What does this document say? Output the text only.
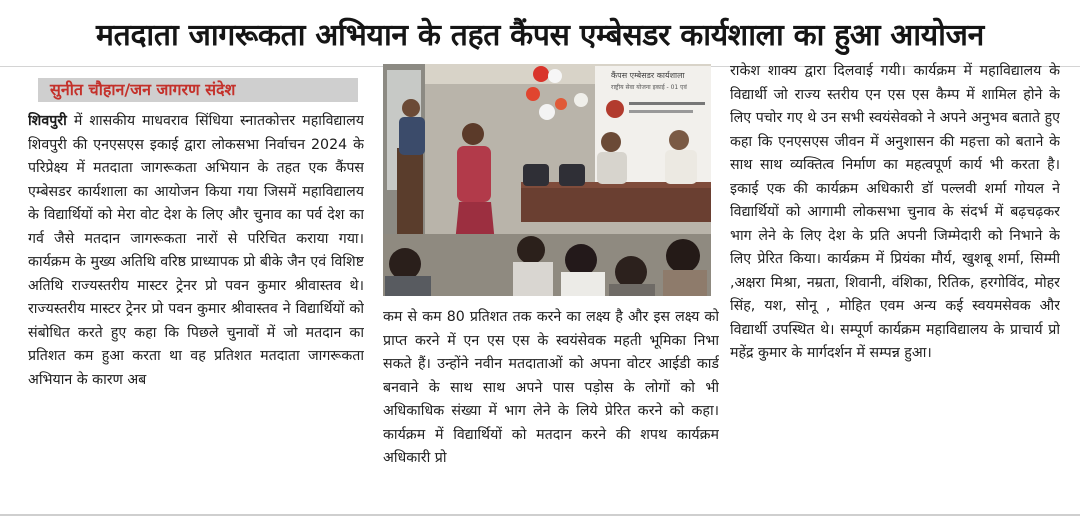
मतदाता जागरूकता अभियान के तहत कैंपस एम्बेसडर कार्यशाला का हुआ आयोजन
सुनीत चौहान/जन जागरण संदेश
शिवपुरी में शासकीय माधवराव सिंधिया स्नातकोत्तर महाविद्यालय शिवपुरी की एनएसएस इकाई द्वारा लोकसभा निर्वाचन 2024 के परिप्रेक्ष्य में मतदाता जागरूकता अभियान के तहत एक कैंपस एम्बेसडर कार्यशाला का आयोजन किया गया जिसमें महाविद्यालय के विद्यार्थियों को मेरा वोट देश के लिए और चुनाव का पर्व देश का गर्व जैसे मतदान जागरूकता नारों से परिचित कराया गया। कार्यक्रम के मुख्य अतिथि वरिष्ठ प्राध्यापक प्रो बीके जैन एवं विशिष्ट अतिथि राज्यस्तरीय मास्टर ट्रेनर प्रो पवन कुमार श्रीवास्तव थे। राज्यस्तरीय मास्टर ट्रेनर प्रो पवन कुमार श्रीवास्तव ने विद्यार्थियों को संबोधित करते हुए कहा कि पिछले चुनावों में जो मतदान का प्रतिशत कम हुआ करता था वह प्रतिशत मतदाता जागरूकता अभियान के कारण अब
कैंपस एम्बेसडर कार्यशाला
राष्ट्रीय सेवा योजना इकाई - 01 एवं
कम से कम 80 प्रतिशत तक करने का लक्ष्य है और इस लक्ष्य को प्राप्त करने में एन एस एस के स्वयंसेवक महती भूमिका निभा सकते हैं। उन्होंने नवीन मतदाताओं को अपना वोटर आईडी कार्ड बनवाने के साथ साथ अपने पास पड़ोस के लोगों को भी अधिकाधिक संख्या में भाग लेने के लिये प्रेरित करने को कहा। कार्यक्रम में विद्यार्थियों को मतदान करने की शपथ कार्यक्रम अधिकारी प्रो
राकेश शाक्य द्वारा दिलवाई गयी। कार्यक्रम में महाविद्यालय के विद्यार्थी जो राज्य स्तरीय एन एस एस कैम्प में शामिल होने के लिए पचोर गए थे उन सभी स्वयंसेवको ने अपने अनुभव बताते हुए कहा कि एनएसएस जीवन में अनुशासन की महत्ता को बताने के साथ साथ व्यक्तित्व निर्माण का महत्वपूर्ण कार्य भी करता है। इकाई एक की कार्यक्रम अधिकारी डॉ पल्लवी शर्मा गोयल ने विद्यार्थियों को आगामी लोकसभा चुनाव के संदर्भ में बढ़चढ़कर भाग लेने के लिए देश के प्रति अपनी जिम्मेदारी को निभाने के लिए प्रेरित किया। कार्यक्रम में प्रियंका मौर्य, खुशबू शर्मा, सिम्मी ,अक्षरा मिश्रा, नम्रता, शिवानी, वंशिका, रितिक, हरगोविंद, मोहर सिंह, यश, सोनू , मोहित एवम अन्य कई स्वयमसेवक और विद्यार्थी उपस्थित थे। सम्पूर्ण कार्यक्रम महाविद्यालय के प्राचार्य प्रो महेंद्र कुमार के मार्गदर्शन में सम्पन्न हुआ।
